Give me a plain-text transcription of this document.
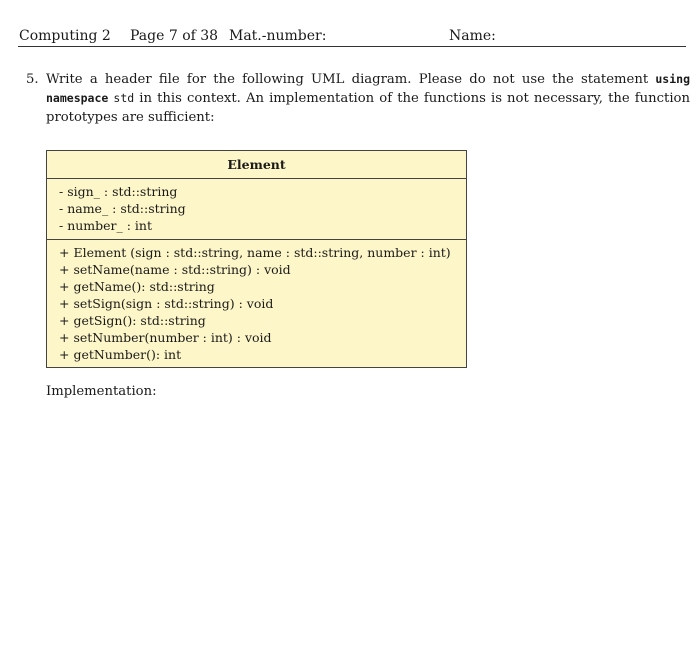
Computing 2 Page 7 of 38 Mat.-number:	Name:
5. Write a header file for the following UML diagram. Please do not use the statement using namespace std in this context. An implementation of the functions is not necessary, the function prototypes are sufficient:
Element
- sign_ : std::string
- name_ : std::string
- number_ : int
+ Element (sign : std::string, name : std::string, number : int)
+ setName(name : std::string) : void
+ getName(): std::string
+ setSign(sign : std::string) : void
+ getSign(): std::string
+ setNumber(number : int) : void
+ getNumber(): int
Implementation:
